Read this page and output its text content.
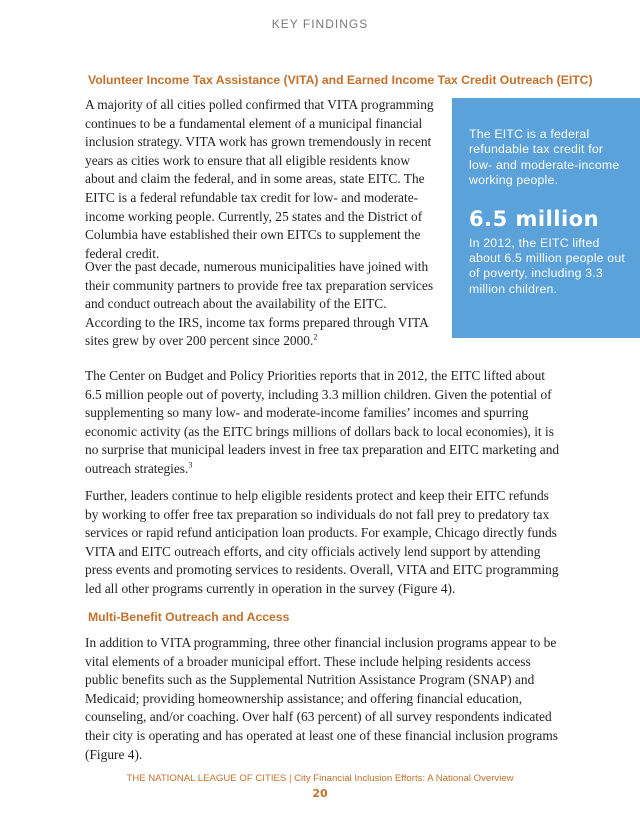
KEY FINDINGS
Volunteer Income Tax Assistance (VITA) and Earned Income Tax Credit Outreach (EITC)

A majority of all cities polled confirmed that VITA programming continues to be a fundamental element of a municipal financial inclusion strategy. VITA work has grown tremendously in recent years as cities work to ensure that all eligible residents know about and claim the federal, and in some areas, state EITC. The EITC is a federal refundable tax credit for low- and moderate-income working people. Currently, 25 states and the District of Columbia have established their own EITCs to supplement the federal credit.

Over the past decade, numerous municipalities have joined with their community partners to provide free tax preparation services and conduct outreach about the availability of the EITC. According to the IRS, income tax forms prepared through VITA sites grew by over 200 percent since 2000.$^2$

The EITC is a federal refundable tax credit for low- and moderate-income working people.

6.5 million

In 2012, the EITC lifted about 6.5 million people out of poverty, including 3.3 million children.

The Center on Budget and Policy Priorities reports that in 2012, the EITC lifted about 6.5 million people out of poverty, including 3.3 million children. Given the potential of supplementing so many low- and moderate-income families’ incomes and spurring economic activity (as the EITC brings millions of dollars back to local economies), it is no surprise that municipal leaders invest in free tax preparation and EITC marketing and outreach strategies.$^3$

Further, leaders continue to help eligible residents protect and keep their EITC refunds by working to offer free tax preparation so individuals do not fall prey to predatory tax services or rapid refund anticipation loan products. For example, Chicago directly funds VITA and EITC outreach efforts, and city officials actively lend support by attending press events and promoting services to residents. Overall, VITA and EITC programming led all other programs currently in operation in the survey (Figure 4).

Multi-Benefit Outreach and Access

In addition to VITA programming, three other financial inclusion programs appear to be vital elements of a broader municipal effort. These include helping residents access public benefits such as the Supplemental Nutrition Assistance Program (SNAP) and Medicaid; providing homeownership assistance; and offering financial education, counseling, and/or coaching. Over half (63 percent) of all survey respondents indicated their city is operating and has operated at least one of these financial inclusion programs (Figure 4).

THE NATIONAL LEAGUE OF CITIES | City Financial Inclusion Efforts: A National Overview
20
